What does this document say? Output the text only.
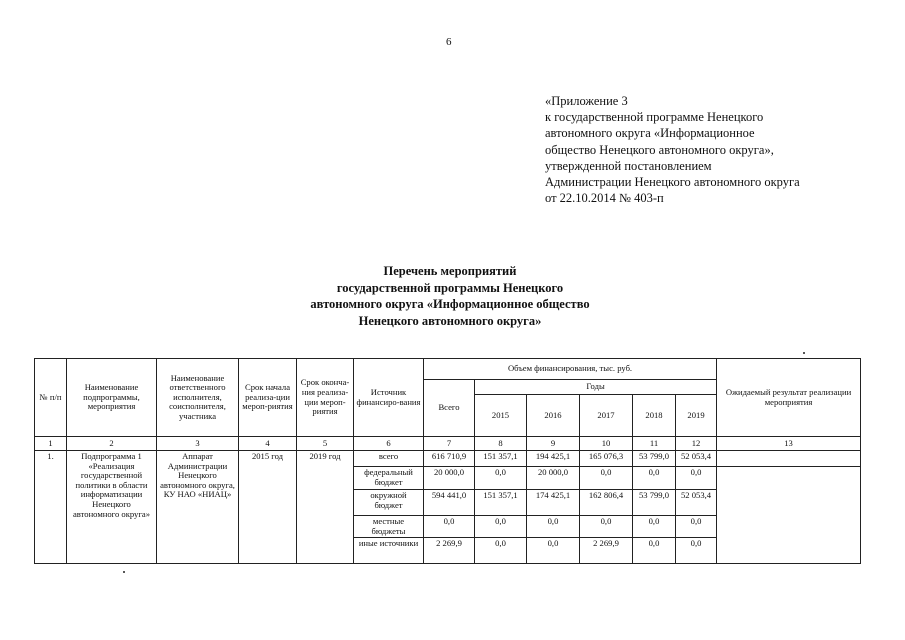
6
«Приложение 3
к государственной программе Ненецкого
автономного округа «Информационное
общество Ненецкого автономного округа»,
утвержденной постановлением
Администрации Ненецкого автономного округа
от 22.10.2014 № 403-п
Перечень мероприятий
государственной программы Ненецкого
автономного округа «Информационное общество
Ненецкого автономного округа»
№ п/п	Наименование подпрограммы, мероприятия	Наименование ответственного исполнителя, соисполнителя, участника	Срок начала реализа-ции мероп-риятия	Срок оконча-ния реализа-ции мероп-риятия	Источник финансиро-вания	Объем финансирования, тыс. руб.						Ожидаемый результат реализации мероприятия
						Всего	Годы					
							2015	2016	2017	2018	2019	
1	2	3	4	5	6	7	8	9	10	11	12	13
1.	Подпрограмма 1 «Реализация государственной политики в области информатизации Ненецкого автономного округа»	Аппарат Администрации Ненецкого автономного округа, КУ НАО «НИАЦ»	2015 год	2019 год	всего	616 710,9	151 357,1	194 425,1	165 076,3	53 799,0	52 053,4	
					федеральный бюджет	20 000,0	0,0	20 000,0	0,0	0,0	0,0	
					окружной бюджет	594 441,0	151 357,1	174 425,1	162 806,4	53 799,0	52 053,4	
					местные бюджеты	0,0	0,0	0,0	0,0	0,0	0,0	
					иные источники	2 269,9	0,0	0,0	2 269,9	0,0	0,0	
